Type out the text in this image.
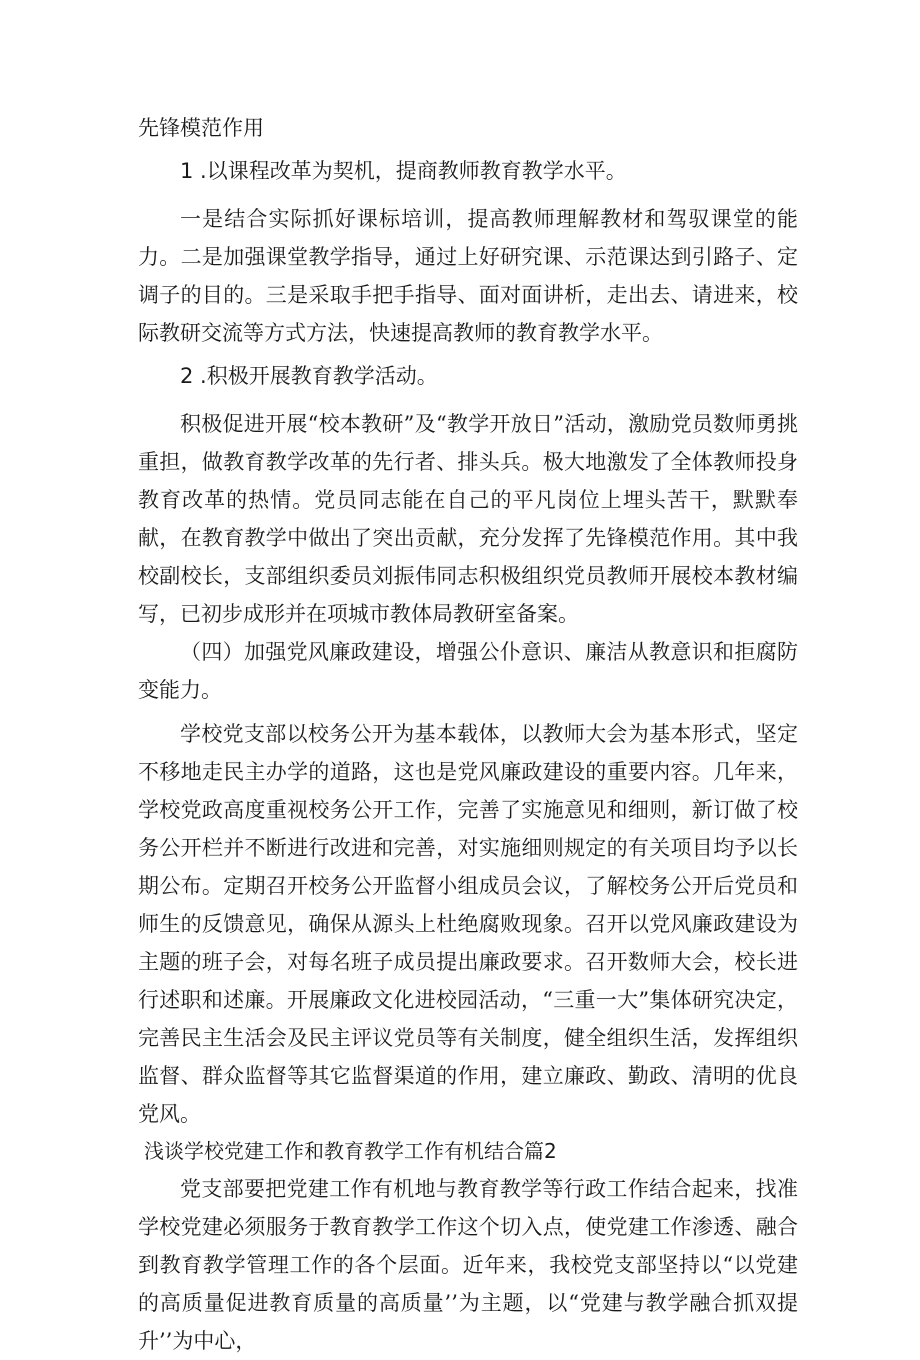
先锋模范作用

1 .以课程改革为契机，提商教师教育教学水平。

一是结合实际抓好课标培训，提高教师理解教材和驾驭课堂的能力。二是加强课堂教学指导，通过上好研究课、示范课达到引路子、定调子的目的。三是采取手把手指导、面对面讲析，走出去、请进来，校际教研交流等方式方法，快速提高教师的教育教学水平。

2 .积极开展教育教学活动。

积极促进开展“校本教研”及“教学开放日”活动，激励党员数师勇挑重担，做教育教学改革的先行者、排头兵。极大地激发了全体教师投身教育改革的热情。党员同志能在自己的平凡岗位上埋头苦干，默默奉献，在教育教学中做出了突出贡献，充分发挥了先锋模范作用。其中我校副校长，支部组织委员刘振伟同志积极组织党员教师开展校本教材编写，已初步成形并在项城市教体局教研室备案。

（四）加强党风廉政建设，增强公仆意识、廉洁从教意识和拒腐防变能力。

学校党支部以校务公开为基本载体，以教师大会为基本形式，坚定不移地走民主办学的道路，这也是党风廉政建设的重要内容。几年来，学校党政高度重视校务公开工作，完善了实施意见和细则，新订做了校务公开栏并不断进行改进和完善，对实施细则规定的有关项目均予以长期公布。定期召开校务公开监督小组成员会议，了解校务公开后党员和师生的反馈意见，确保从源头上杜绝腐败现象。召开以党风廉政建设为主题的班子会，对每名班子成员提出廉政要求。召开数师大会，校长进行述职和述廉。开展廉政文化进校园活动，“三重一大”集体研究决定，完善民主生活会及民主评议党员等有关制度，健全组织生活，发挥组织监督、群众监督等其它监督渠道的作用，建立廉政、勤政、清明的优良党风。

浅谈学校党建工作和教育教学工作有机结合篇2

党支部要把党建工作有机地与教育教学等行政工作结合起来，找准学校党建必须服务于教育教学工作这个切入点，使党建工作渗透、融合到教育教学管理工作的各个层面。近年来，我校党支部坚持以“以党建的高质量促进教育质量的高质量’’为主题，以“党建与教学融合抓双提升’’为中心，
